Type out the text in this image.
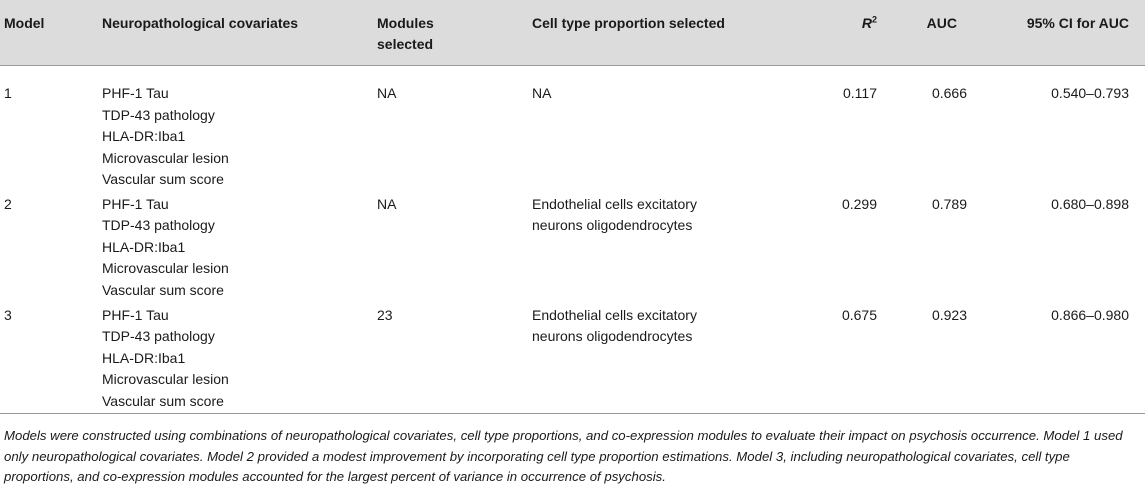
Model	Neuropathological covariates	Modules
selected	Cell type proportion selected	$R^2$	AUC	95% CI for AUC

1	PHF-1 Tau
TDP-43 pathology
HLA-DR:Iba1
Microvascular lesion
Vascular sum score	NA	NA	0.117	0.666	0.540–0.793
2	PHF-1 Tau
TDP-43 pathology
HLA-DR:Iba1
Microvascular lesion
Vascular sum score	NA	Endothelial cells excitatory
neurons oligodendrocytes	0.299	0.789	0.680–0.898
3	PHF-1 Tau
TDP-43 pathology
HLA-DR:Iba1
Microvascular lesion
Vascular sum score	23	Endothelial cells excitatory
neurons oligodendrocytes	0.675	0.923	0.866–0.980

Models were constructed using combinations of neuropathological covariates, cell type proportions, and co-expression modules to evaluate their impact on psychosis occurrence. Model 1 used only neuropathological covariates. Model 2 provided a modest improvement by incorporating cell type proportion estimations. Model 3, including neuropathological covariates, cell type proportions, and co-expression modules accounted for the largest percent of variance in occurrence of psychosis.
